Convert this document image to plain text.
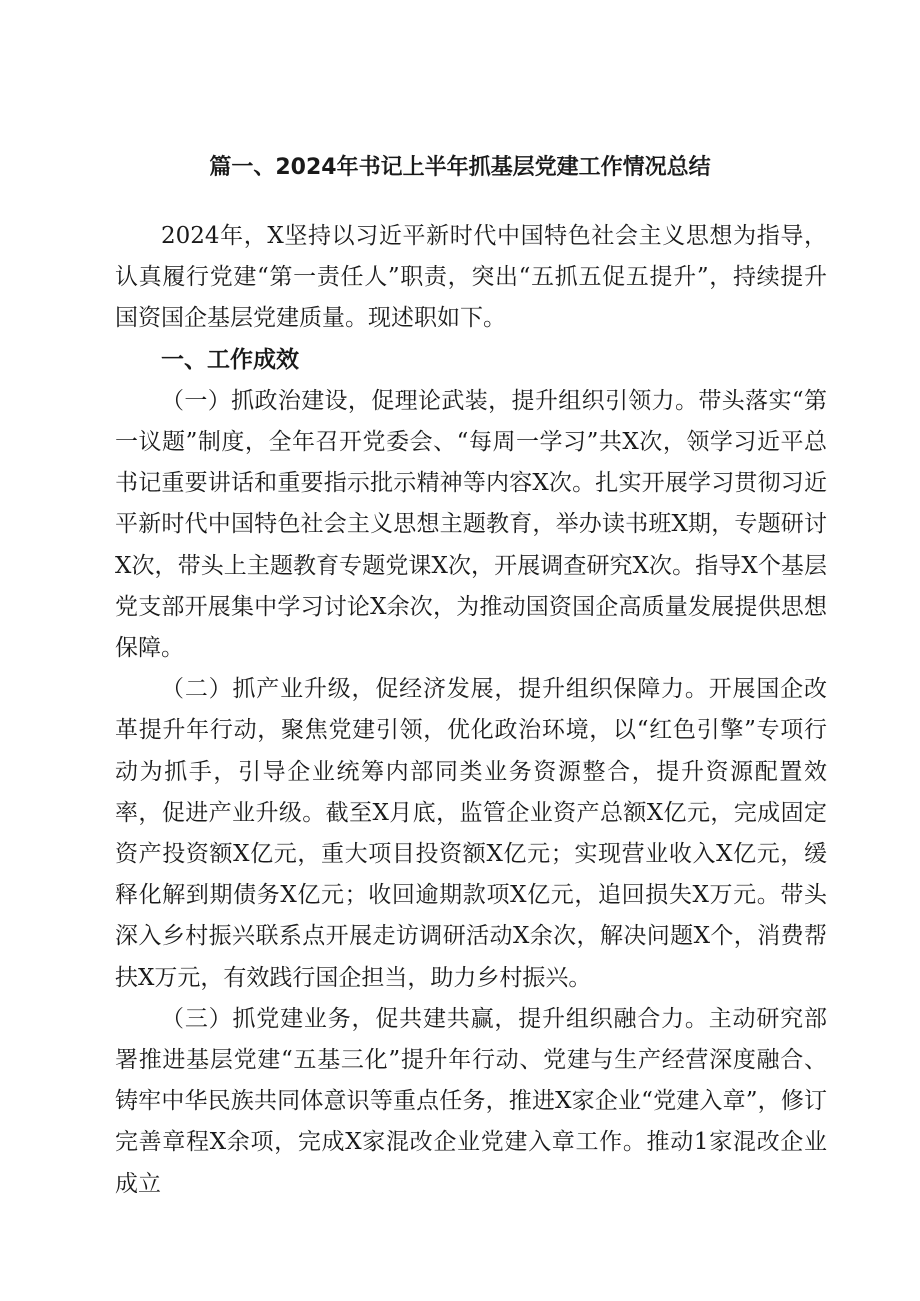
篇一、2024年书记上半年抓基层党建工作情况总结

2024年，X坚持以习近平新时代中国特色社会主义思想为指导，认真履行党建“第一责任人”职责，突出“五抓五促五提升”，持续提升国资国企基层党建质量。现述职如下。

一、工作成效

（一）抓政治建设，促理论武装，提升组织引领力。带头落实“第一议题”制度，全年召开党委会、“每周一学习”共X次，领学习近平总书记重要讲话和重要指示批示精神等内容X次。扎实开展学习贯彻习近平新时代中国特色社会主义思想主题教育，举办读书班X期，专题研讨X次，带头上主题教育专题党课X次，开展调查研究X次。指导X个基层党支部开展集中学习讨论X余次，为推动国资国企高质量发展提供思想保障。

（二）抓产业升级，促经济发展，提升组织保障力。开展国企改革提升年行动，聚焦党建引领，优化政治环境，以“红色引擎”专项行动为抓手，引导企业统筹内部同类业务资源整合，提升资源配置效率，促进产业升级。截至X月底，监管企业资产总额X亿元，完成固定资产投资额X亿元，重大项目投资额X亿元；实现营业收入X亿元，缓释化解到期债务X亿元；收回逾期款项X亿元，追回损失X万元。带头深入乡村振兴联系点开展走访调研活动X余次，解决问题X个，消费帮扶X万元，有效践行国企担当，助力乡村振兴。

（三）抓党建业务，促共建共赢，提升组织融合力。主动研究部署推进基层党建“五基三化”提升年行动、党建与生产经营深度融合、铸牢中华民族共同体意识等重点任务，推进X家企业“党建入章”，修订完善章程X余项，完成X家混改企业党建入章工作。推动1家混改企业成立
